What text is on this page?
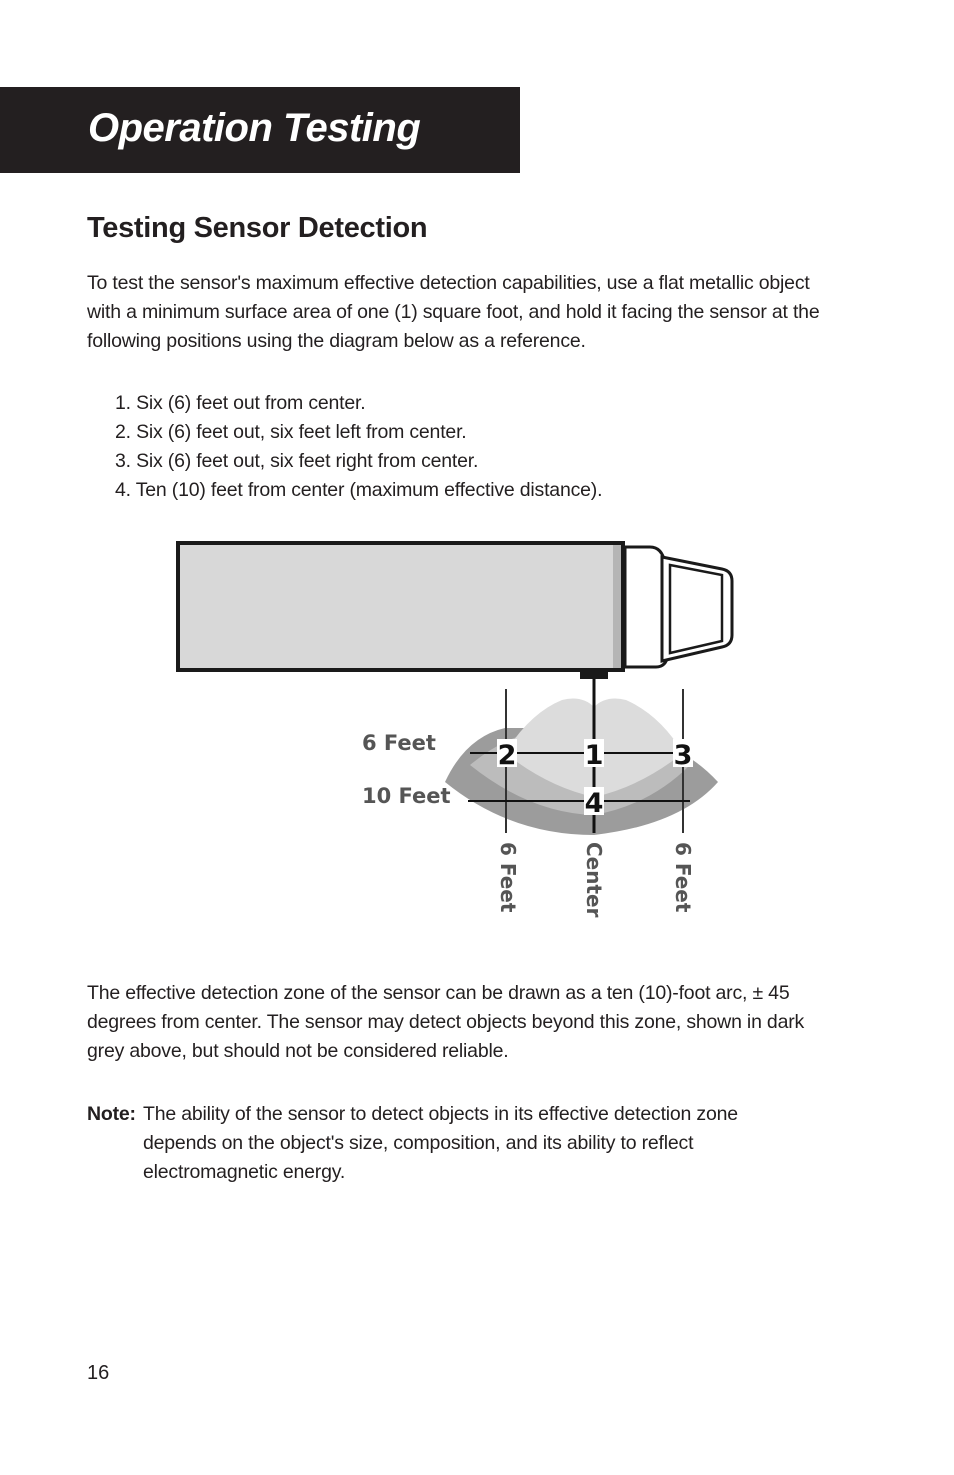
Operation Testing
Testing Sensor Detection

To test the sensor's maximum effective detection capabilities, use a flat metallic object with a minimum surface area of one (1) square foot, and hold it facing the sensor at the following positions using the diagram below as a reference.

1. Six (6) feet out from center.
2. Six (6) feet out, six feet left from center.
3. Six (6) feet out, six feet right from center.
4. Ten (10) feet from center (maximum effective distance).
6 Feet
10 Feet
2	1	3
4
6 Feet	Center	6 Feet

The effective detection zone of the sensor can be drawn as a ten (10)-foot arc, ± 45 degrees from center. The sensor may detect objects beyond this zone, shown in dark grey above, but should not be considered reliable.

Note: The ability of the sensor to detect objects in its effective detection zone depends on the object's size, composition, and its ability to reflect electromagnetic energy.
16
